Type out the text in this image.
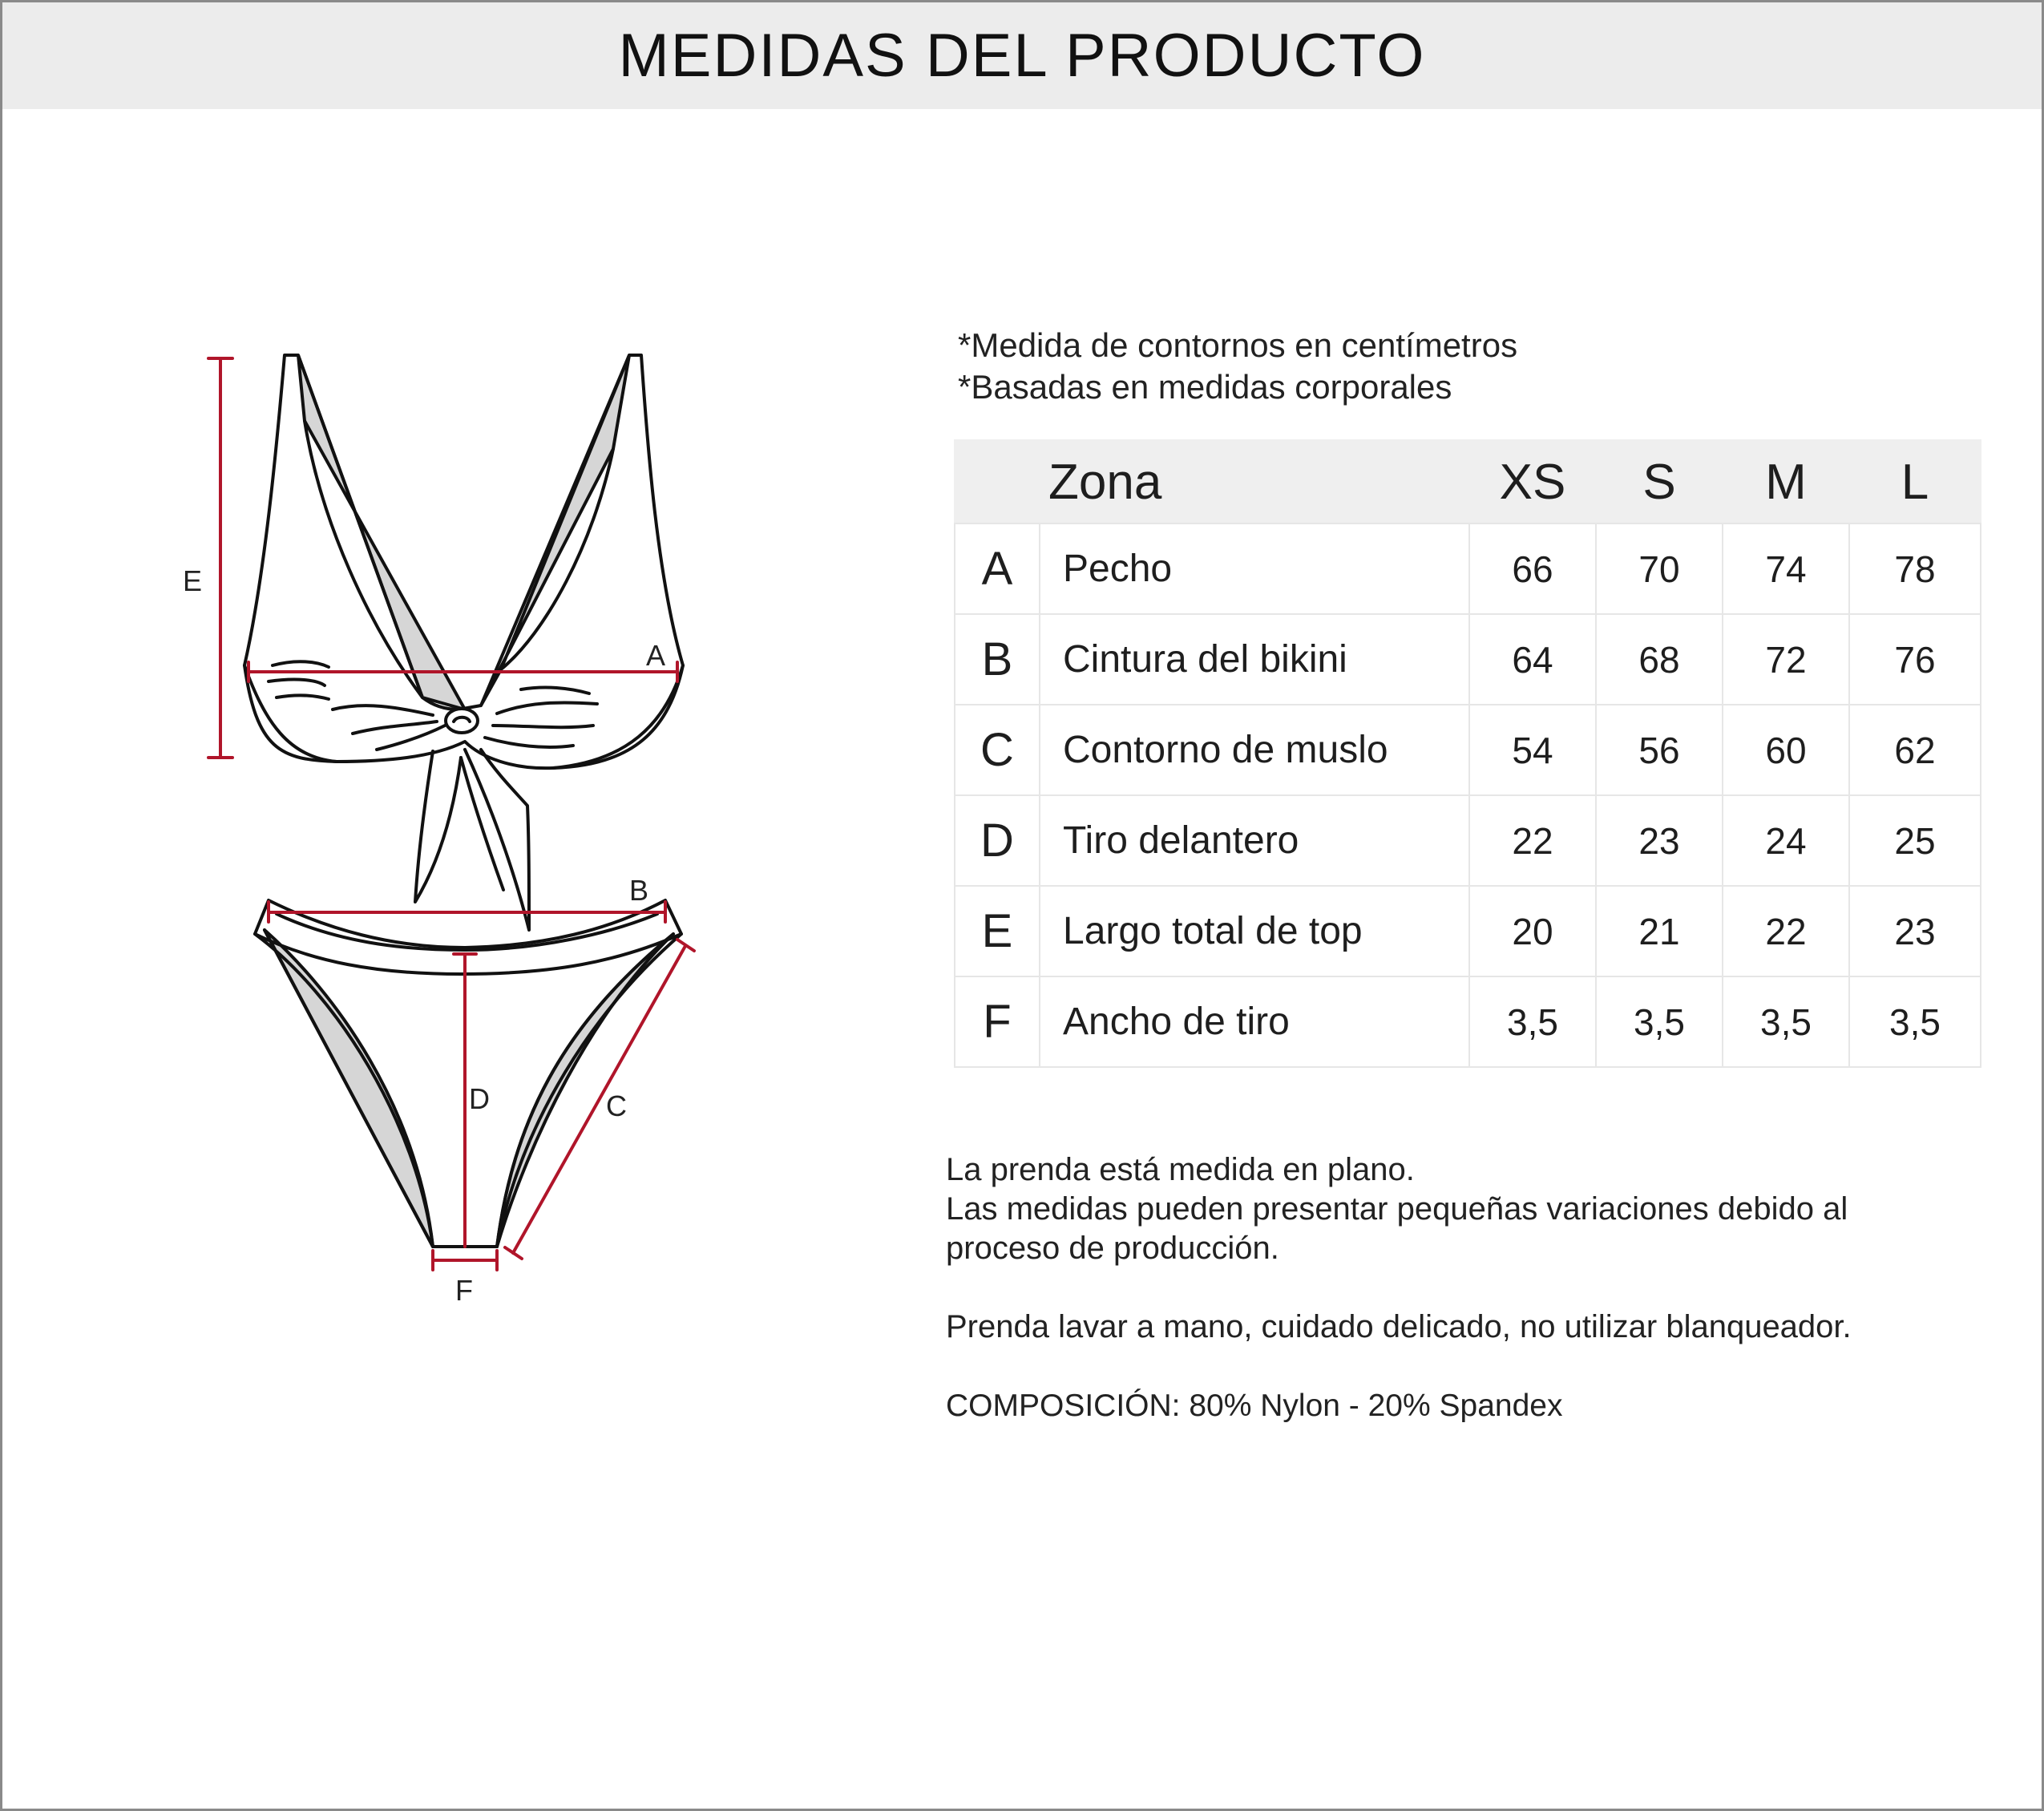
MEDIDAS DEL PRODUCTO
E
A
B
D	C
F
*Medida de contornos en centímetros
*Basadas en medidas corporales
	Zona	XS	S	M	L
A	Pecho	66	70	74	78
B	Cintura del bikini	64	68	72	76
C	Contorno de muslo	54	56	60	62
D	Tiro delantero	22	23	24	25
E	Largo total de top	20	21	22	23
F	Ancho de tiro	3,5	3,5	3,5	3,5

La prenda está medida en plano.

Las medidas pueden presentar pequeñas variaciones debido al

proceso de producción.

Prenda lavar a mano, cuidado delicado, no utilizar blanqueador.

COMPOSICIÓN: 80% Nylon - 20% Spandex
